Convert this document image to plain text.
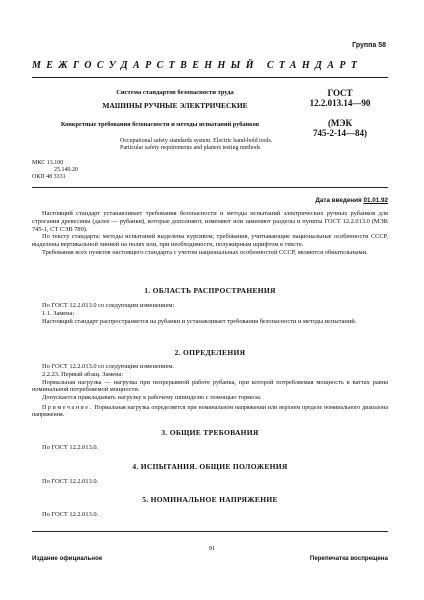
Группа 58
МЕЖГОСУДАРСТВЕННЫЙ СТАНДАРТ
Система стандартов безопасности труда
МАШИНЫ РУЧНЫЕ ЭЛЕКТРИЧЕСКИЕ
Конкретные требования безопасности и методы испытаний рубанков
ГОСТ
12.2.013.14—90
(МЭК
745-2-14—84)
Occupational safety standards system. Electric hand-hold tools. Particular safety requirements and planers testing methods
МКС 13.100
25.140.20
ОКП 48 3331
Дата введения 01.01.92

Настоящий стандарт устанавливает требования безопасности и методы испытаний электрических ручных рубанков для строгания древесины (далее — рубанки), которые дополняют, изменяют или заменяют разделы и пункты ГОСТ 12.2.013.0 (МЭК 745-1, СТ СЭВ 789).

По тексту стандарта: методы испытаний выделены курсивом, требования, учитывающие национальные особенности СССР, выделены вертикальной линией на полях или, при необходимости, полужирным шрифтом в тексте.

Требования всех пунктов настоящего стандарта с учетом национальных особенностей СССР, являются обязательными.

1. ОБЛАСТЬ РАСПРОСТРАНЕНИЯ

По ГОСТ 12.2.013.0 со следующим изменением:

1.1. Замена:

Настоящий стандарт распространяется на рубанки и устанавливает требования безопасности и методы испытаний.

2. ОПРЕДЕЛЕНИЯ

По ГОСТ 12.2.013.0 со следующим изменением.

2.2.23. Первый абзац. Замена:

Нормальная нагрузка — нагрузка при непрерывной работе рубанка, при которой потребляемая мощность в ваттах равна номинальной потребляемой мощности.

Допускается прикладывать нагрузку к рабочему шпинделю с помощью тормоза.

Примечание. Нормальная нагрузка определяется при номинальном напряжении или верхнем пределе номинального диапазона напряжения.
3. ОБЩИЕ ТРЕБОВАНИЯ

По ГОСТ 12.2.013.0.

4. ИСПЫТАНИЯ. ОБЩИЕ ПОЛОЖЕНИЯ

По ГОСТ 12.2.013.0.

5. НОМИНАЛЬНОЕ НАПРЯЖЕНИЕ

По ГОСТ 12.2.013.0.

91
Издание официальное	Перепечатка воспрещена
